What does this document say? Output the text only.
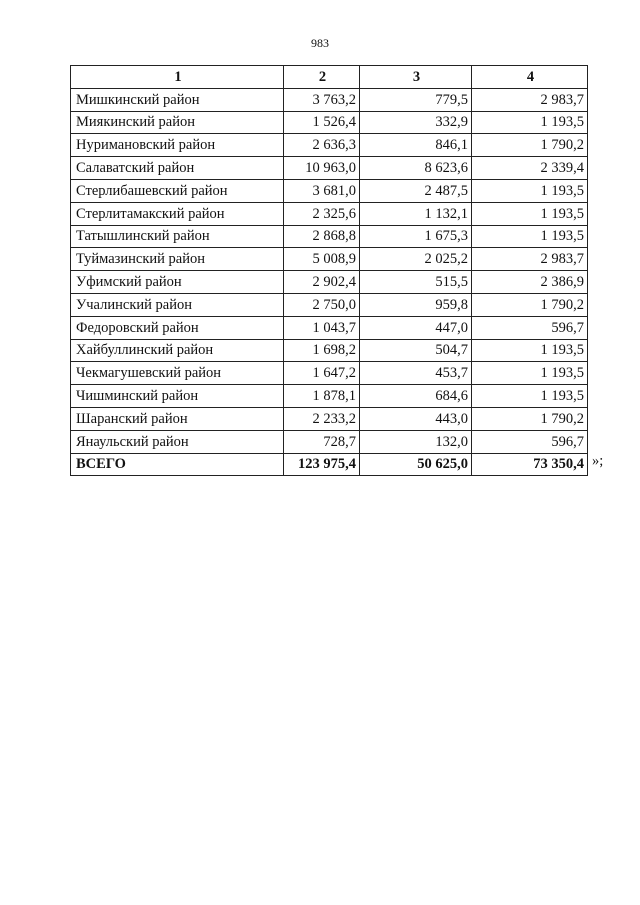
983
1	2	3	4
Мишкинский район	3 763,2	779,5	2 983,7
Миякинский район	1 526,4	332,9	1 193,5
Нуримановский район	2 636,3	846,1	1 790,2
Салаватский район	10 963,0	8 623,6	2 339,4
Стерлибашевский район	3 681,0	2 487,5	1 193,5
Стерлитамакский район	2 325,6	1 132,1	1 193,5
Татышлинский район	2 868,8	1 675,3	1 193,5
Туймазинский район	5 008,9	2 025,2	2 983,7
Уфимский район	2 902,4	515,5	2 386,9
Учалинский район	2 750,0	959,8	1 790,2
Федоровский район	1 043,7	447,0	596,7
Хайбуллинский район	1 698,2	504,7	1 193,5
Чекмагушевский район	1 647,2	453,7	1 193,5
Чишминский район	1 878,1	684,6	1 193,5
Шаранский район	2 233,2	443,0	1 790,2
Янаульский район	728,7	132,0	596,7
ВСЕГО	123 975,4	50 625,0	73 350,4 »;
